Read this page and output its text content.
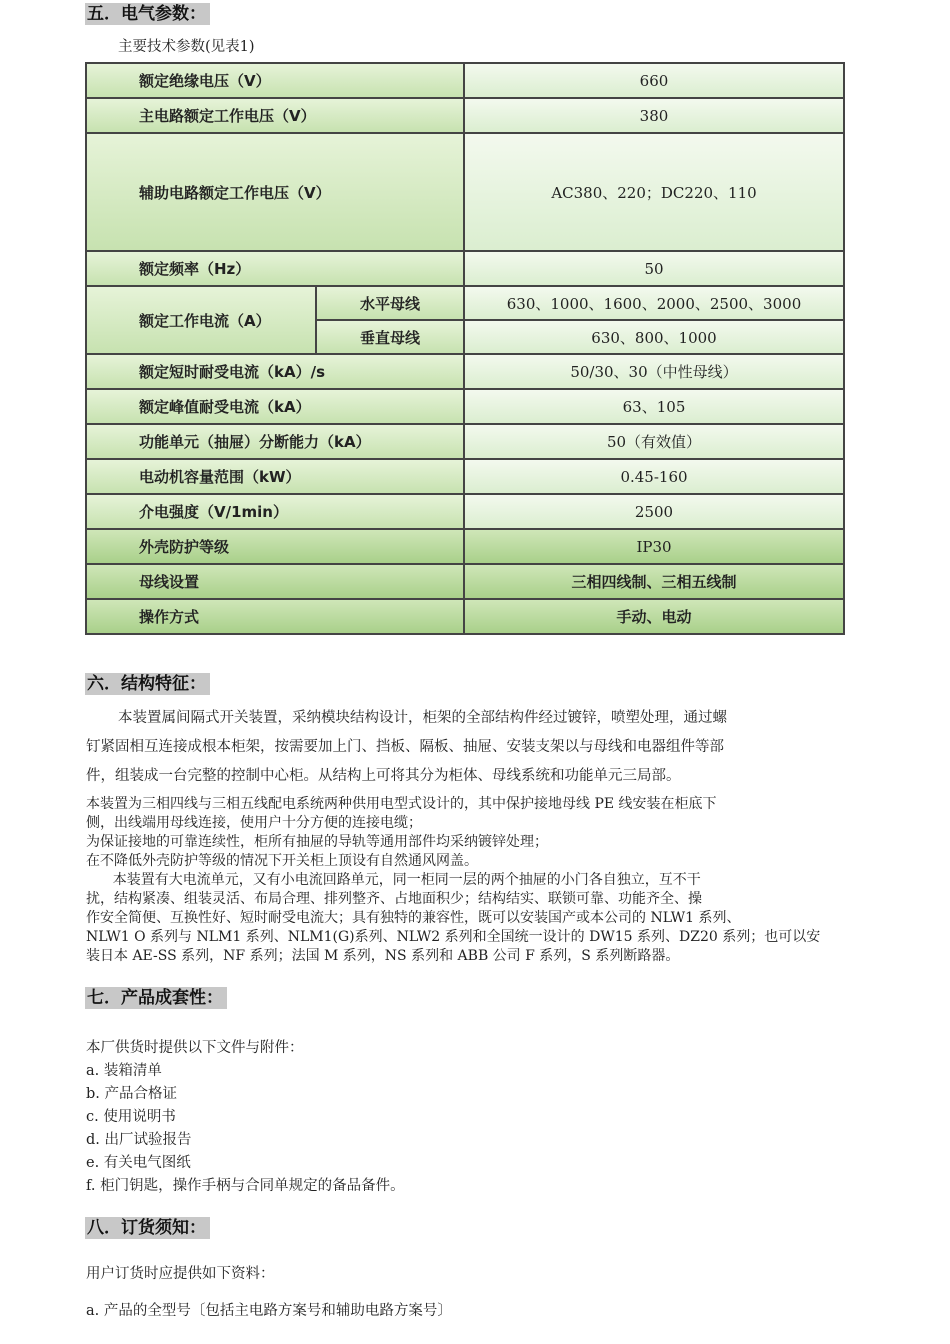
五．电气参数：
主要技术参数(见表1)
额定绝缘电压（V）		660
主电路额定工作电压（V）		380
辅助电路额定工作电压（V）		AC380、220；DC220、110
额定频率（Hz）		50
额定工作电流（A）	水平母线	630、1000、1600、2000、2500、3000
	垂直母线	630、800、1000
额定短时耐受电流（kA）/s		50/30、30（中性母线）
额定峰值耐受电流（kA）		63、105
功能单元（抽屉）分断能力（kA）		50（有效值）
电动机容量范围（kW）		0.45-160
介电强度（V/1min）		2500
外壳防护等级		IP30
母线设置		三相四线制、三相五线制
操作方式		手动、电动
六．结构特征：
本装置属间隔式开关装置，采纳模块结构设计，柜架的全部结构件经过镀锌，喷塑处理，通过螺
钉紧固相互连接成根本柜架，按需要加上门、挡板、隔板、抽屉、安装支架以与母线和电器组件等部
件，组装成一台完整的控制中心柜。从结构上可将其分为柜体、母线系统和功能单元三局部。
本装置为三相四线与三相五线配电系统两种供用电型式设计的，其中保护接地母线 PE 线安装在柜底下
侧，出线端用母线连接，使用户十分方便的连接电缆；
为保证接地的可靠连续性，柜所有抽屉的导轨等通用部件均采纳镀锌处理；
在不降低外壳防护等级的情况下开关柜上顶设有自然通风网盖。
本装置有大电流单元，又有小电流回路单元，同一柜同一层的两个抽屉的小门各自独立，互不干
扰，结构紧凑、组装灵活、布局合理、排列整齐、占地面积少；结构结实、联锁可靠、功能齐全、操
作安全简便、互换性好、短时耐受电流大；具有独特的兼容性，既可以安装国产或本公司的 NLW1 系列、
NLW1 O 系列与 NLM1 系列、NLM1(G)系列、NLW2 系列和全国统一设计的 DW15 系列、DZ20 系列；也可以安
装日本 AE-SS 系列，NF 系列；法国 M 系列，NS 系列和 ABB 公司 F 系列，S 系列断路器。
七．产品成套性：
本厂供货时提供以下文件与附件：
a. 装箱清单
b. 产品合格证
c. 使用说明书
d. 出厂试验报告
e. 有关电气图纸
f. 柜门钥匙，操作手柄与合同单规定的备品备件。
八．订货须知：
用户订货时应提供如下资料：
a. 产品的全型号〔包括主电路方案号和辅助电路方案号〕
